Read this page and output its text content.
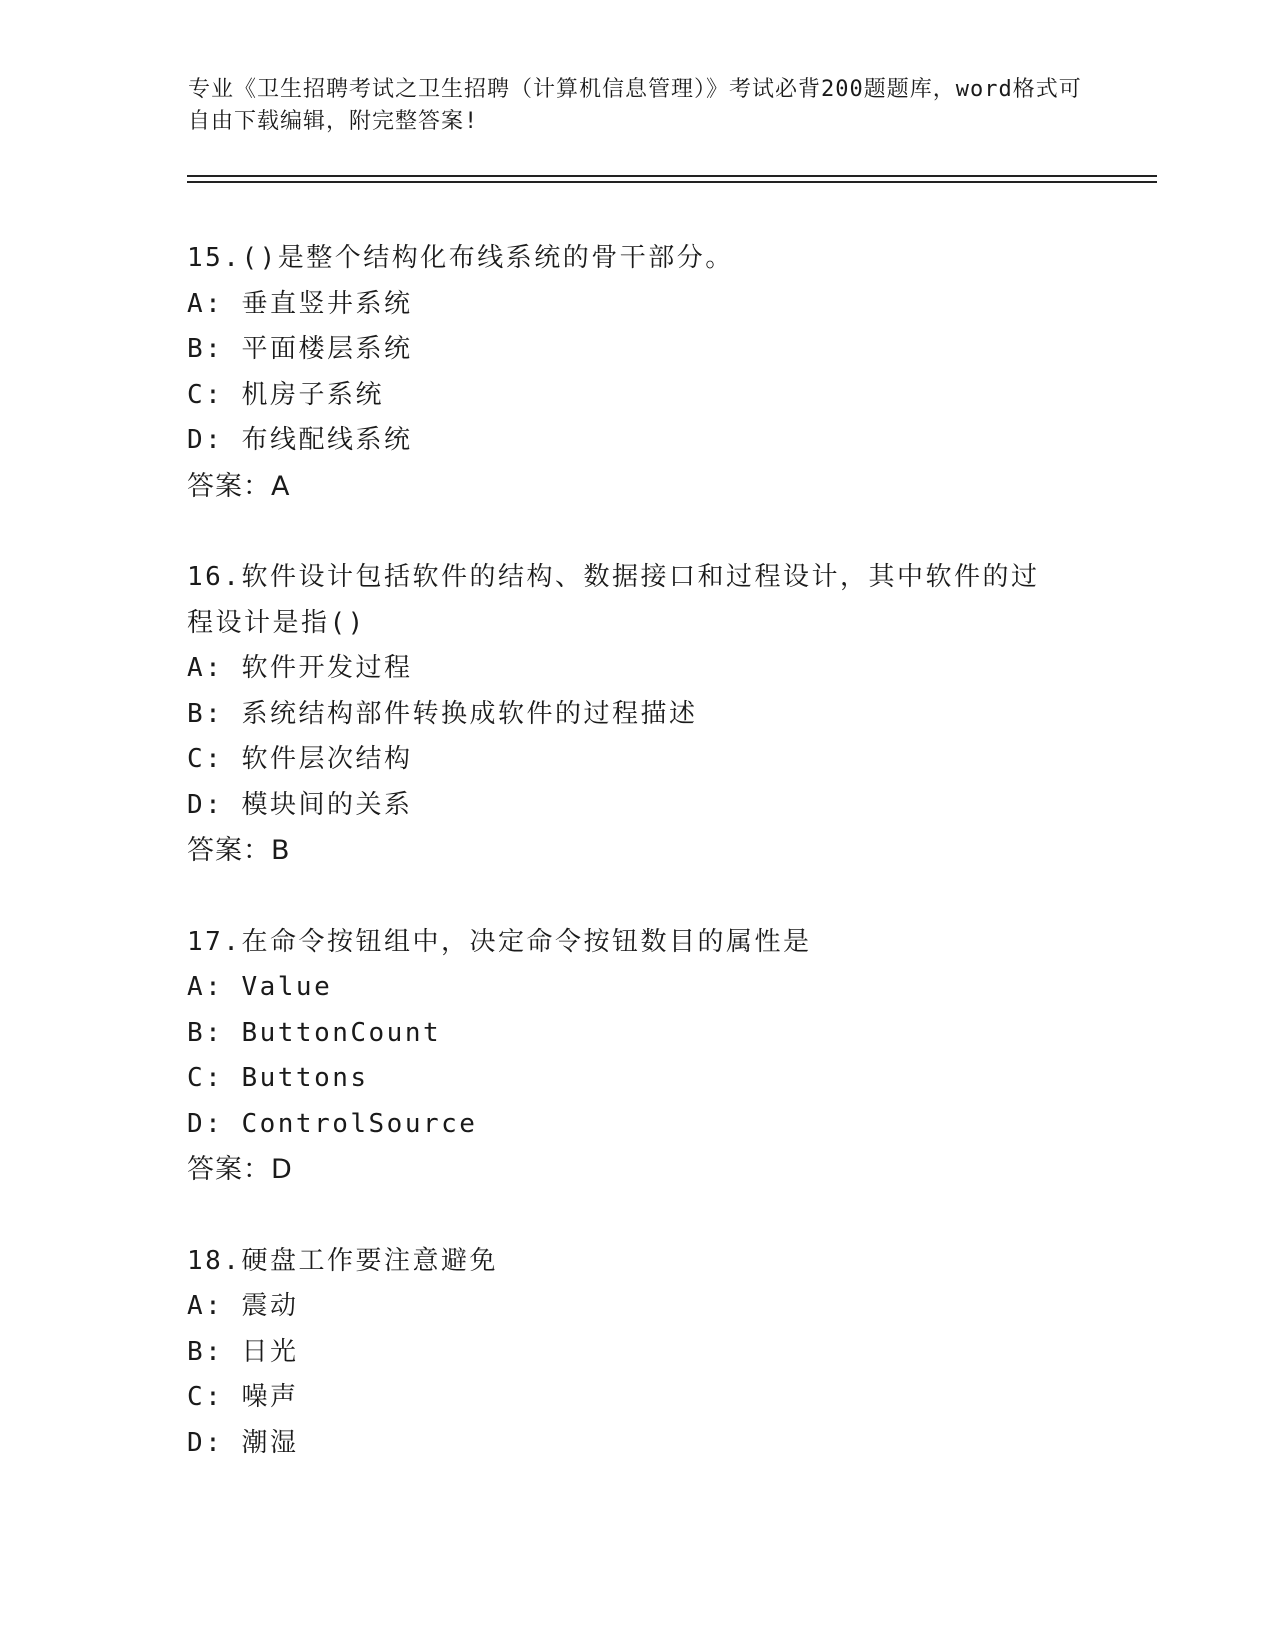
专业《卫生招聘考试之卫生招聘（计算机信息管理）》考试必背200题题库，word格式可自由下载编辑，附完整答案!
15.()是整个结构化布线系统的骨干部分。
A: 垂直竖井系统
B: 平面楼层系统
C: 机房子系统
D: 布线配线系统
答案：A
16.软件设计包括软件的结构、数据接口和过程设计，其中软件的过程设计是指()
A: 软件开发过程
B: 系统结构部件转换成软件的过程描述
C: 软件层次结构
D: 模块间的关系
答案：B
17.在命令按钮组中，决定命令按钮数目的属性是
A: Value
B: ButtonCount
C: Buttons
D: ControlSource
答案：D
18.硬盘工作要注意避免
A: 震动
B: 日光
C: 噪声
D: 潮湿
